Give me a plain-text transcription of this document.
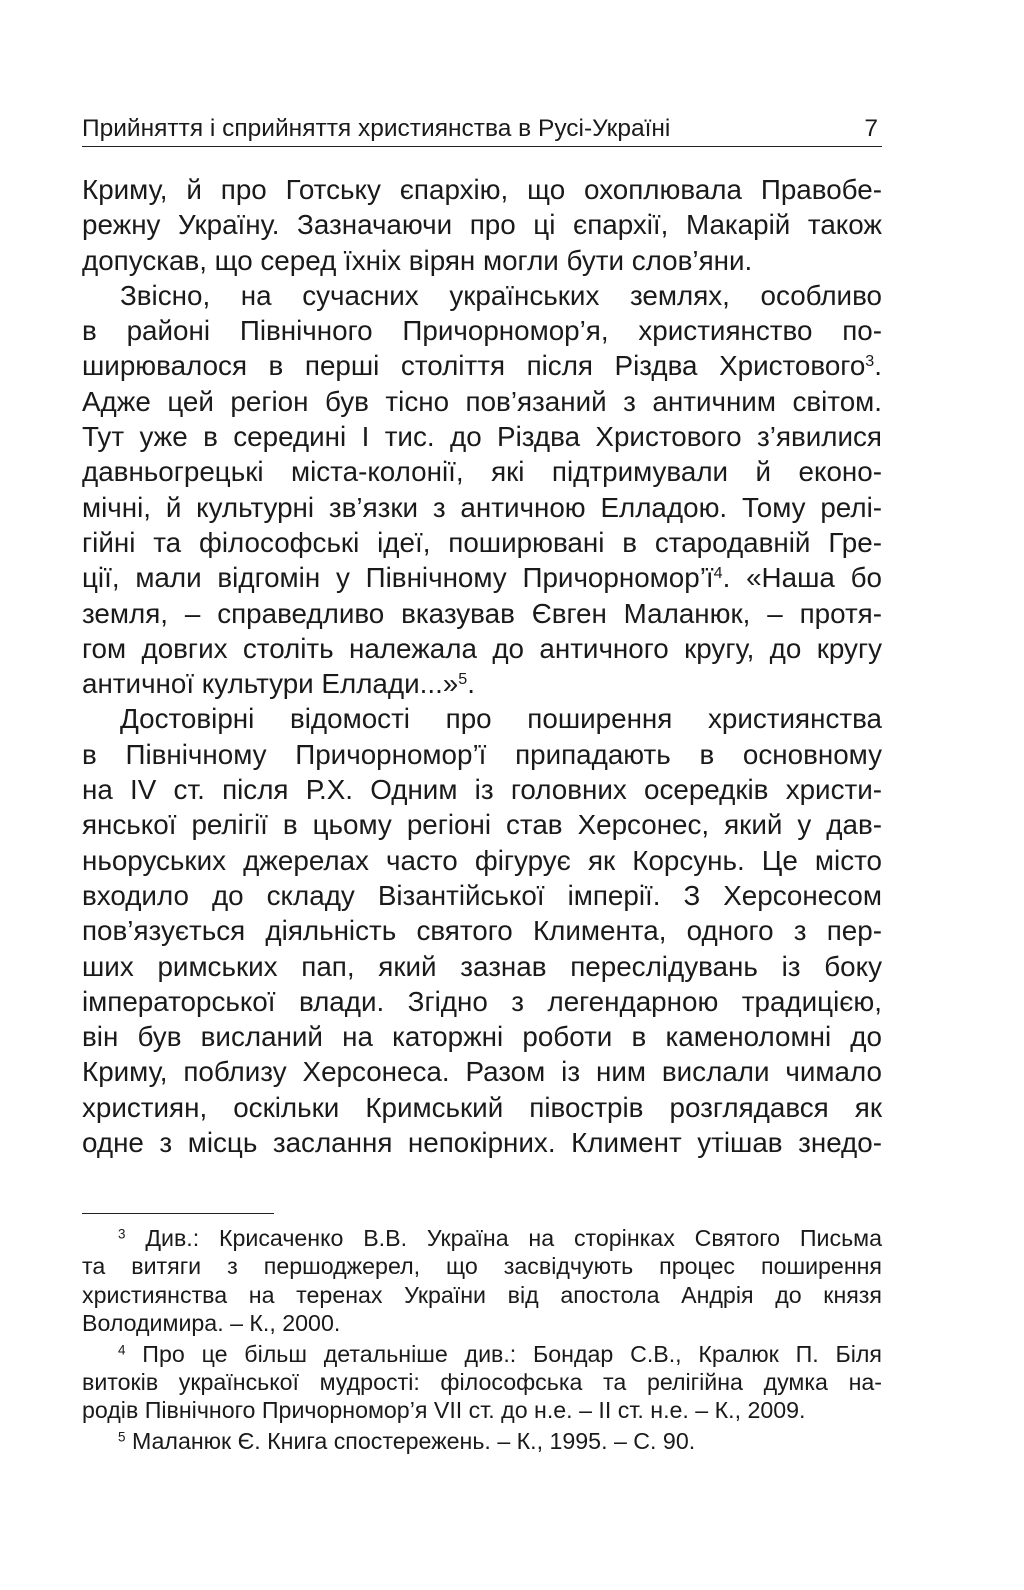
Прийняття і сприйняття християнства в Русі-Україні	7
Криму, й про Готську єпархію, що охоплювала Правобе-
режну Україну. Зазначаючи про ці єпархії, Макарій також
допускав, що серед їхніх вірян могли бути слов’яни.
Звісно, на сучасних українських землях, особливо
в районі Північного Причорномор’я, християнство по-
ширювалося в перші століття після Різдва Христового$^3$.
Адже цей регіон був тісно пов’язаний з античним світом.
Тут уже в середині І тис. до Різдва Христового з’явилися
давньогрецькі міста-колонії, які підтримували й еконо-
мічні, й культурні зв’язки з античною Елладою. Тому релі-
гійні та філософські ідеї, поширювані в стародавній Гре-
ції, мали відгомін у Північному $Причорномор’ї^4$. «Наша бо
земля, – справедливо вказував Євген Маланюк, – протя-
гом довгих століть належала до античного кругу, до кругу
античної культури Еллади...»$^5$.
Достовірні відомості про поширення християнства
в Північному Причорномор’ї припадають в основному
на IV ст. після Р.Х. Одним із головних осередків христи-
янської релігії в цьому регіоні став Херсонес, який у дав-
ньоруських джерелах часто фігурує як Корсунь. Це місто
входило до складу Візантійської імперії. З Херсонесом
пов’язується діяльність святого Климента, одного з пер-
ших римських пап, який зазнав переслідувань із боку
імператорської влади. Згідно з легендарною традицією,
він був висланий на каторжні роботи в каменоломні до
Криму, поблизу Херсонеса. Разом із ним вислали чимало
християн, оскільки Кримський півострів розглядався як
одне з місць заслання непокірних. Климент утішав знедо-
$^3$ Див.: Крисаченко В.В. Україна на сторінках Святого Письма
та витяги з першоджерел, що засвідчують процес поширення
християнства на теренах України від апостола Андрія до князя
Володимира. – К., 2000.
$^4$ Про це більш детальніше див.: Бондар С.В., Кралюк П. Біля
витоків української мудрості: філософська та релігійна думка на-
родів Північного Причорномор’я VII ст. до н.е. – II ст. н.е. – К., 2009.
$^5$ Маланюк Є. Книга спостережень. – К., 1995. – С. 90.
